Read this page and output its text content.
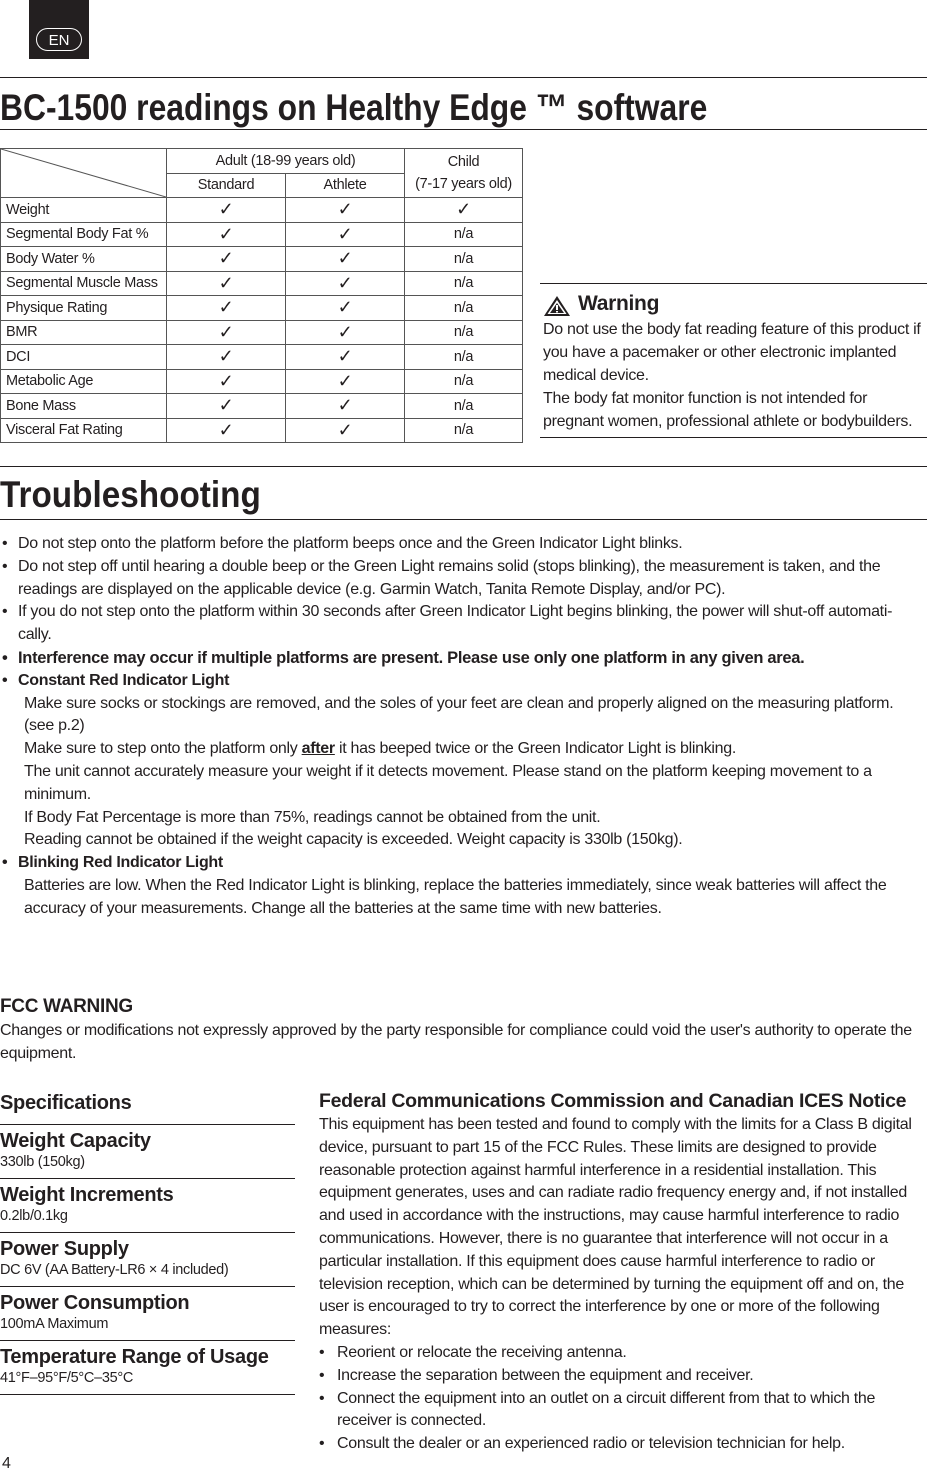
EN
BC-1500 readings on Healthy Edge ™ software
	Adult (18-99 years old)		Child
(7-17 years old)
	Standard	Athlete	
Weight	✓	✓	✓
Segmental Body Fat %	✓	✓	n/a
Body Water %	✓	✓	n/a
Segmental Muscle Mass	✓	✓	n/a
Physique Rating	✓	✓	n/a
BMR	✓	✓	n/a
DCI	✓	✓	n/a
Metabolic Age	✓	✓	n/a
Bone Mass	✓	✓	n/a
Visceral Fat Rating	✓	✓	n/a
Warning
Do not use the body fat reading feature of this product if you have a pacemaker or other electronic implanted medical device.
The body fat monitor function is not intended for pregnant women, professional athlete or bodybuilders.
Troubleshooting
• Do not step onto the platform before the platform beeps once and the Green Indicator Light blinks.
• Do not step off until hearing a double beep or the Green Light remains solid (stops blinking), the measurement is taken, and the readings are displayed on the applicable device (e.g. Garmin Watch, Tanita Remote Display, and/or PC).
• If you do not step onto the platform within 30 seconds after Green Indicator Light begins blinking, the power will shut-off automati-cally.
• Interference may occur if multiple platforms are present. Please use only one platform in any given area.
• Constant Red Indicator Light
Make sure socks or stockings are removed, and the soles of your feet are clean and properly aligned on the measuring platform. (see p.2)
Make sure to step onto the platform only after it has beeped twice or the Green Indicator Light is blinking.
The unit cannot accurately measure your weight if it detects movement. Please stand on the platform keeping movement to a minimum.
If Body Fat Percentage is more than 75%, readings cannot be obtained from the unit.
Reading cannot be obtained if the weight capacity is exceeded. Weight capacity is 330lb (150kg).
• Blinking Red Indicator Light
Batteries are low. When the Red Indicator Light is blinking, replace the batteries immediately, since weak batteries will affect the accuracy of your measurements. Change all the batteries at the same time with new batteries.
FCC WARNING
Changes or modifications not expressly approved by the party responsible for compliance could void the user's authority to operate the equipment.
Specifications
Weight Capacity
330lb (150kg)
Weight Increments
0.2lb/0.1kg
Power Supply
DC 6V (AA Battery-LR6 × 4 included)
Power Consumption
100mA Maximum
Temperature Range of Usage
41°F–95°F/5°C–35°C
Federal Communications Commission and Canadian ICES Notice
This equipment has been tested and found to comply with the limits for a Class B digital device, pursuant to part 15 of the FCC Rules. These limits are designed to provide reasonable protection against harmful interference in a residential installation. This equipment generates, uses and can radiate radio frequency energy and, if not installed and used in accordance with the instructions, may cause harmful interference to radio communications. However, there is no guarantee that interference will not occur in a particular installation. If this equipment does cause harmful interference to radio or television reception, which can be determined by turning the equipment off and on, the user is encouraged to try to correct the interference by one or more of the following measures:
• Reorient or relocate the receiving antenna.
• Increase the separation between the equipment and receiver.
• Connect the equipment into an outlet on a circuit different from that to which the receiver is connected.
• Consult the dealer or an experienced radio or television technician for help.
4
